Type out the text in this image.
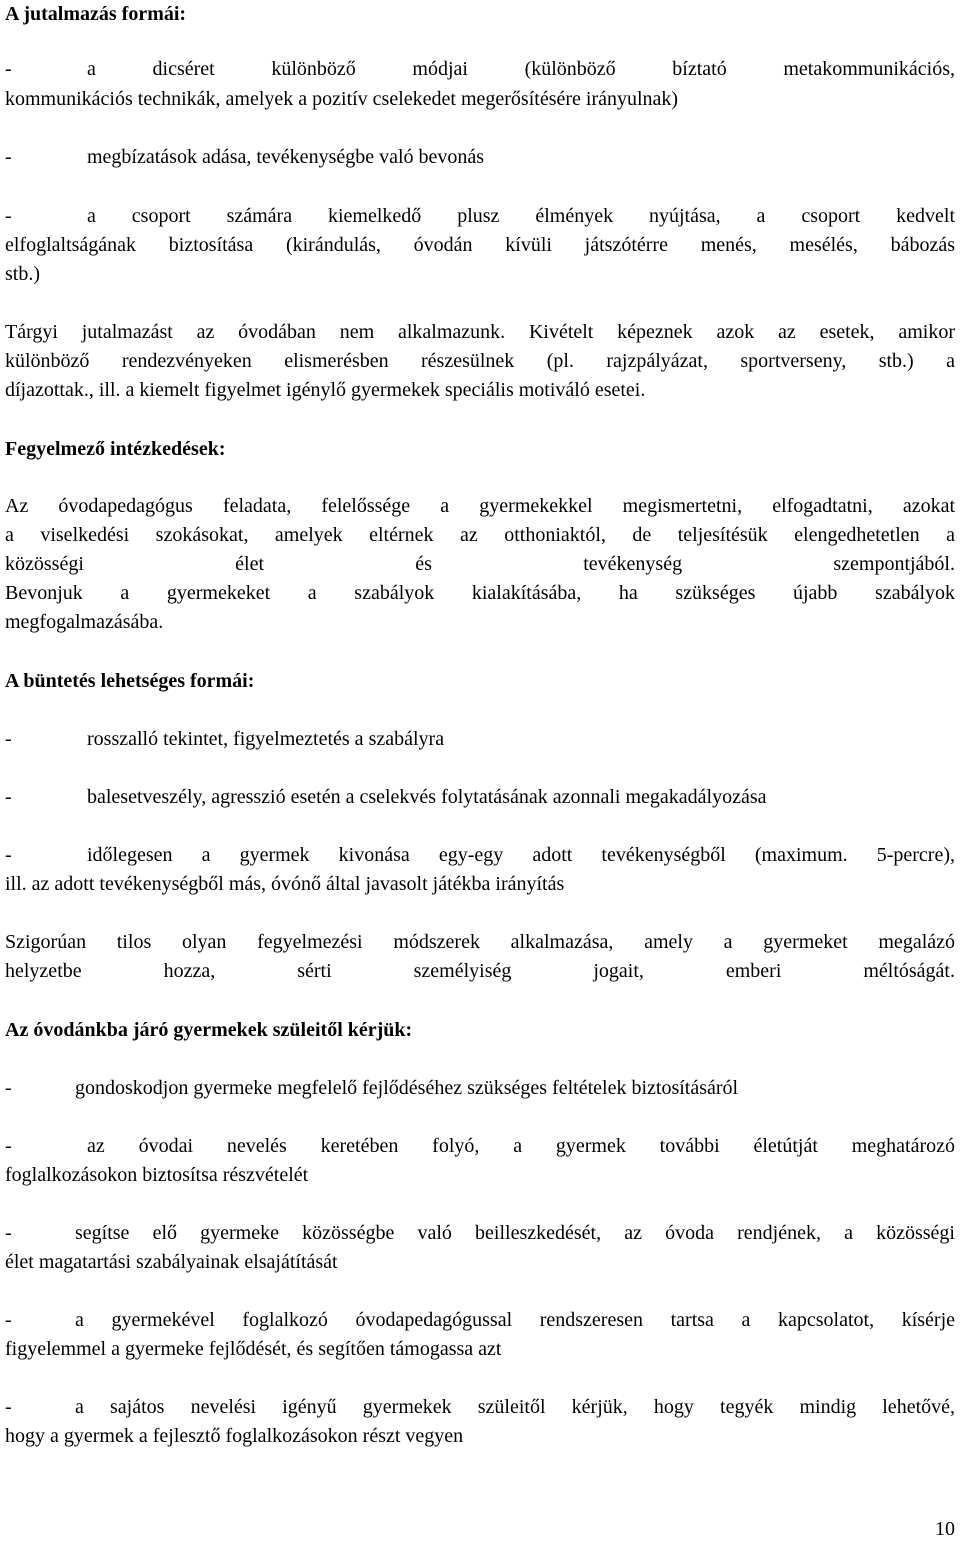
A jutalmazás formái:
-	a dicséret különböző módjai (különböző bíztató metakommunikációs,
kommunikációs technikák, amelyek a pozitív cselekedet megerősítésére irányulnak)
-	megbízatások adása, tevékenységbe való bevonás
-	a csoport számára kiemelkedő plusz élmények nyújtása, a csoport kedvelt
elfoglaltságának biztosítása (kirándulás, óvodán kívüli játszótérre menés, mesélés, bábozás
stb.)
Tárgyi jutalmazást az óvodában nem alkalmazunk. Kivételt képeznek azok az esetek, amikor
különböző rendezvényeken elismerésben részesülnek (pl. rajzpályázat, sportverseny, stb.) a
díjazottak., ill. a kiemelt figyelmet igénylő gyermekek speciális motiváló esetei.
Fegyelmező intézkedések:
Az óvodapedagógus feladata, felelőssége a gyermekekkel megismertetni, elfogadtatni, azokat
a viselkedési szokásokat, amelyek eltérnek az otthoniaktól, de teljesítésük elengedhetetlen a
közösségi élet és tevékenység szempontjából.
Bevonjuk a gyermekeket a szabályok kialakításába, ha szükséges újabb szabályok
megfogalmazásába.
A büntetés lehetséges formái:
-	rosszalló tekintet, figyelmeztetés a szabályra
-	balesetveszély, agresszió esetén a cselekvés folytatásának azonnali megakadályozása
-	időlegesen a gyermek kivonása egy-egy adott tevékenységből (maximum. 5-percre),
ill. az adott tevékenységből más, óvónő által javasolt játékba irányítás
Szigorúan tilos olyan fegyelmezési módszerek alkalmazása, amely a gyermeket megalázó
helyzetbe hozza, sérti személyiség jogait, emberi méltóságát.
Az óvodánkba járó gyermekek szüleitől kérjük:
-	gondoskodjon gyermeke megfelelő fejlődéséhez szükséges feltételek biztosításáról
-	az óvodai nevelés keretében folyó, a gyermek további életútját meghatározó
foglalkozásokon biztosítsa részvételét
-	segítse elő gyermeke közösségbe való beilleszkedését, az óvoda rendjének, a közösségi
élet magatartási szabályainak elsajátítását
-	a gyermekével foglalkozó óvodapedagógussal rendszeresen tartsa a kapcsolatot, kísérje
figyelemmel a gyermeke fejlődését, és segítően támogassa azt
-	a sajátos nevelési igényű gyermekek szüleitől kérjük, hogy tegyék mindig lehetővé,
hogy a gyermek a fejlesztő foglalkozásokon részt vegyen
10
